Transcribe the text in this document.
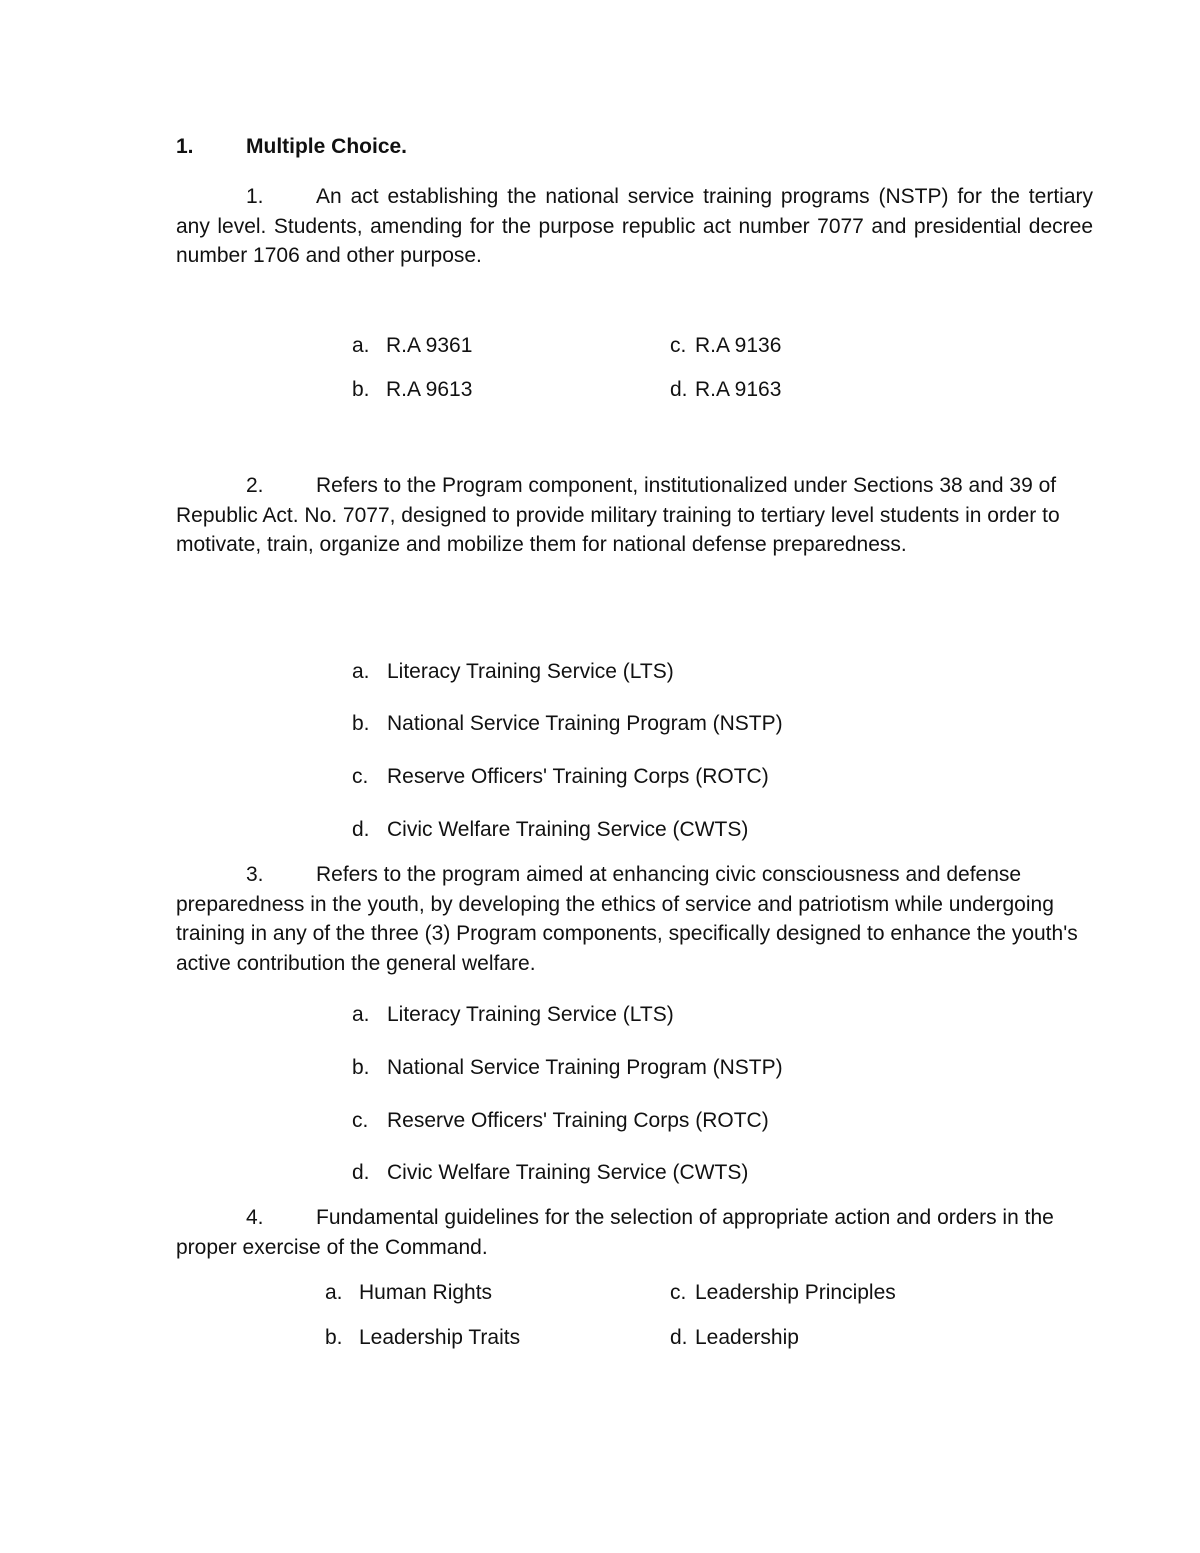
1. Multiple Choice.
1. An act establishing the national service training programs (NSTP) for the tertiary any level. Students, amending for the purpose republic act number 7077 and presidential decree number 1706 and other purpose.
a. R.A 9361
b. R.A 9613
c. R.A 9136
d. R.A 9163
2. Refers to the Program component, institutionalized under Sections 38 and 39 of Republic Act. No. 7077, designed to provide military training to tertiary level students in order to motivate, train, organize and mobilize them for national defense preparedness.
a. Literacy Training Service (LTS)
b. National Service Training Program (NSTP)
c. Reserve Officers' Training Corps (ROTC)
d. Civic Welfare Training Service (CWTS)
3. Refers to the program aimed at enhancing civic consciousness and defense preparedness in the youth, by developing the ethics of service and patriotism while undergoing training in any of the three (3) Program components, specifically designed to enhance the youth's active contribution the general welfare.
a. Literacy Training Service (LTS)
b. National Service Training Program (NSTP)
c. Reserve Officers' Training Corps (ROTC)
d. Civic Welfare Training Service (CWTS)
4. Fundamental guidelines for the selection of appropriate action and orders in the proper exercise of the Command.
a. Human Rights
b. Leadership Traits
c. Leadership Principles
d. Leadership
